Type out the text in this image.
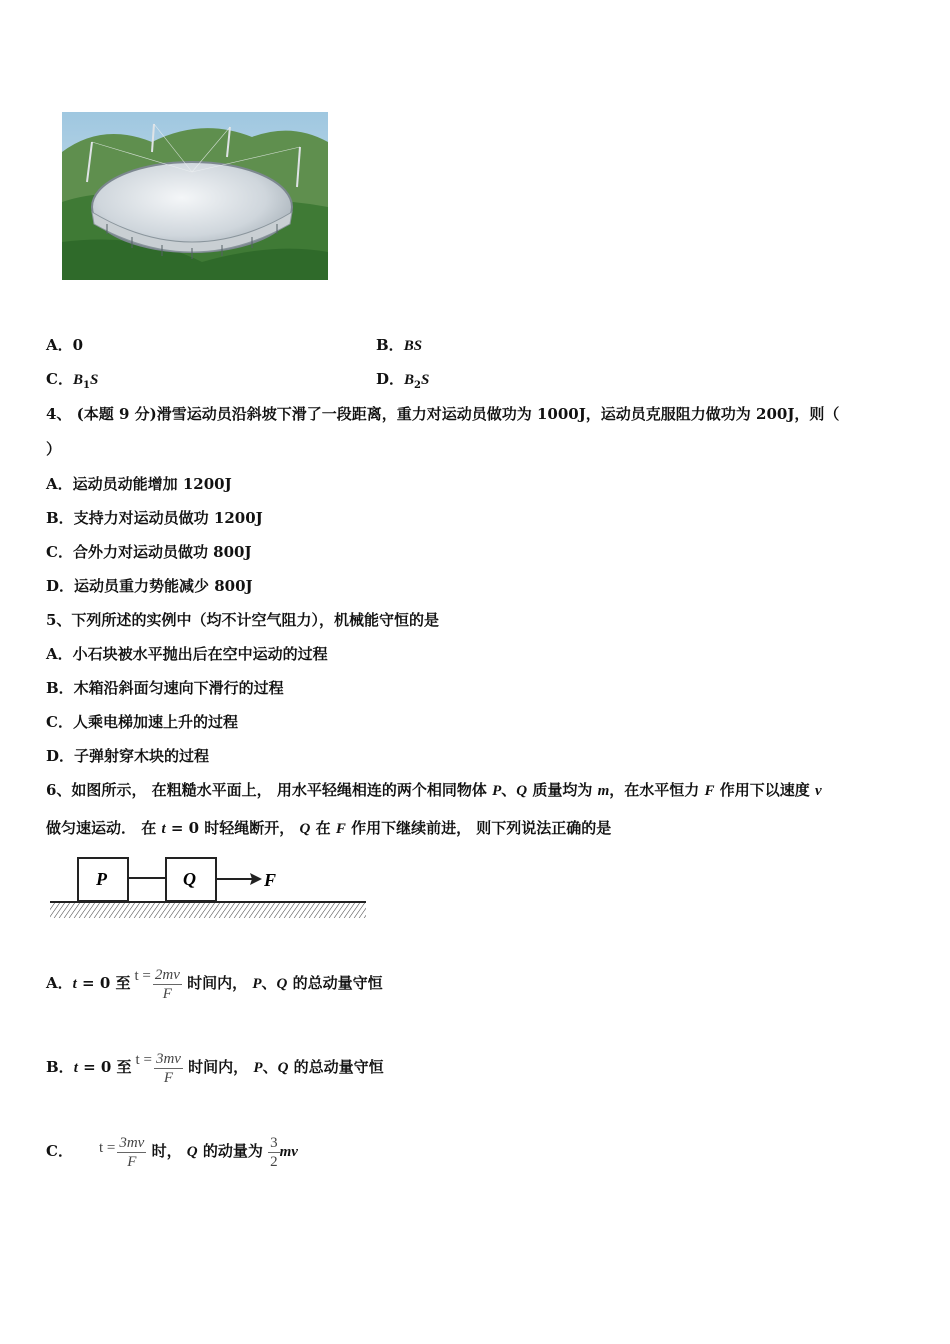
A．0	B．BS
C．$B_1S$	D．$B_2S$
4、 (本题 9 分)滑雪运动员沿斜坡下滑了一段距离，重力对运动员做功为 1000J，运动员克服阻力做功为 200J，则（
）
A．运动员动能增加 1200J
B．支持力对运动员做功 1200J
C．合外力对运动员做功 800J
D．运动员重力势能减少 800J
5、下列所述的实例中（均不计空气阻力），机械能守恒的是
A．小石块被水平抛出后在空中运动的过程
B．木箱沿斜面匀速向下滑行的过程
C．人乘电梯加速上升的过程
D．子弹射穿木块的过程
6、如图所示， 在粗糙水平面上， 用水平轻绳相连的两个相同物体 P、Q 质量均为 m，在水平恒力 F 作用下以速度 v
做匀速运动． 在 t = 0 时轻绳断开， Q 在 F 作用下继续前进， 则下列说法正确的是
P	Q	F
A．t = 0 至 $t = \frac{2mv}{F}$ 时间内， P、Q 的总动量守恒
B．t = 0 至 $t = \frac{3mv}{F}$ 时间内， P、Q 的总动量守恒
C． $t = \frac{3mv}{F}$ 时， Q 的动量为 $\frac{3}{2}$ mv
